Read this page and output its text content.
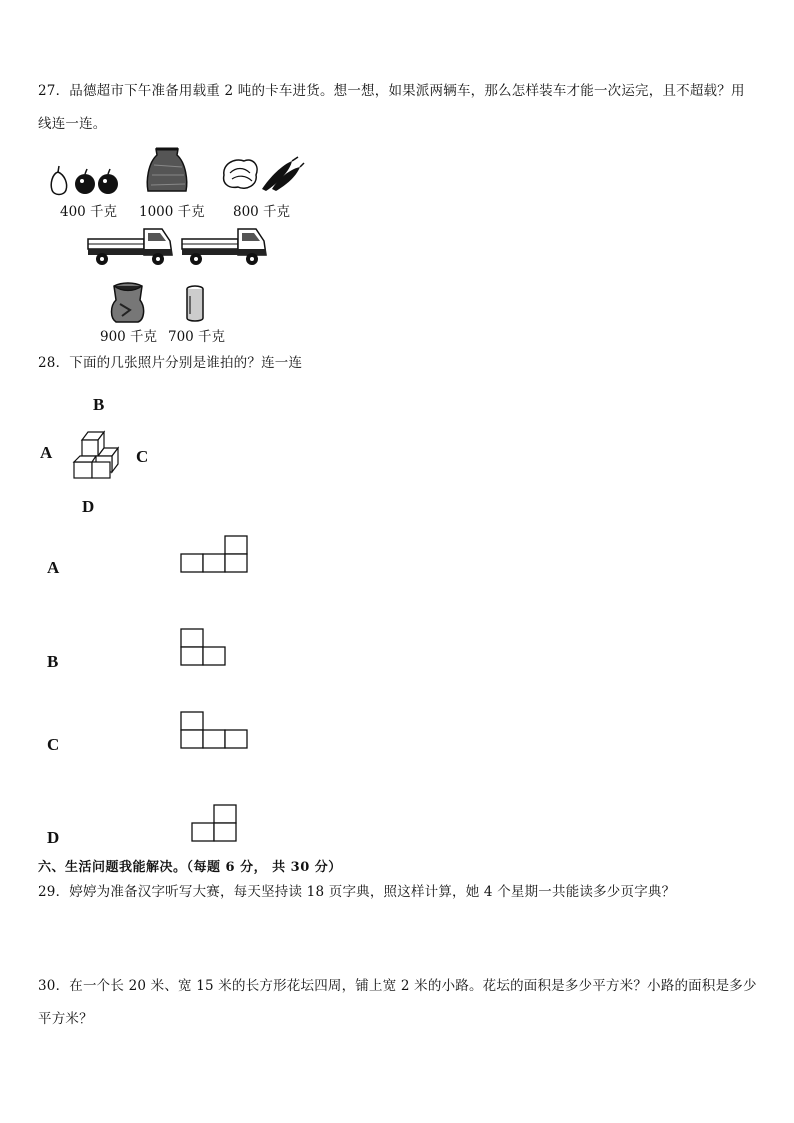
27．品德超市下午准备用载重 2 吨的卡车进货。想一想，如果派两辆车，那么怎样装车才能一次运完，且不超载？用
线连一连。
400 千克 1000 千克 800 千克
900 千克 700 千克
28．下面的几张照片分别是谁拍的？连一连
B
A	C
D
A
B
C
D
六、生活问题我能解决。（每题 6 分， 共 30 分）
29．婷婷为准备汉字听写大赛，每天坚持读 18 页字典，照这样计算，她 4 个星期一共能读多少页字典？
30．在一个长 20 米、宽 15 米的长方形花坛四周，铺上宽 2 米的小路。花坛的面积是多少平方米？小路的面积是多少
平方米？
